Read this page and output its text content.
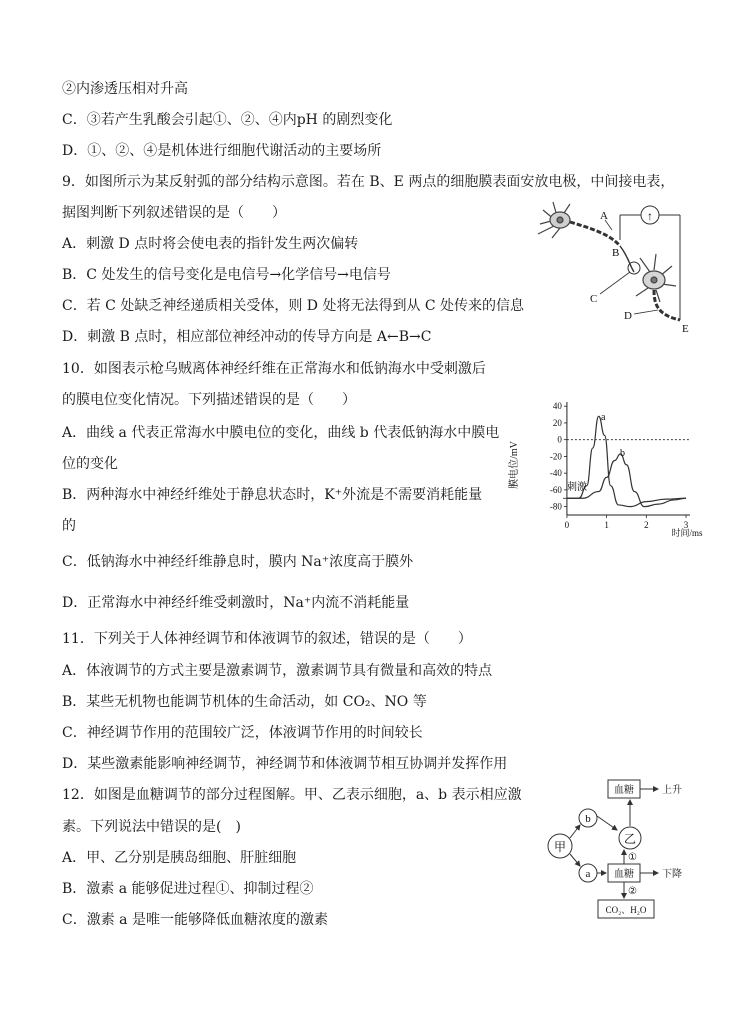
②内渗透压相对升高
C．③若产生乳酸会引起①、②、④内pH 的剧烈变化
D．①、②、④是机体进行细胞代谢活动的主要场所
9．如图所示为某反射弧的部分结构示意图。若在 B、E 两点的细胞膜表面安放电极，中间接电表，
据图判断下列叙述错误的是（　　）
A．刺激 D 点时将会使电表的指针发生两次偏转
B．C 处发生的信号变化是电信号→化学信号→电信号
C．若 C 处缺乏神经递质相关受体，则 D 处将无法得到从 C 处传来的信息
D．刺激 B 点时，相应部位神经冲动的传导方向是 A←B→C
10．如图表示枪乌贼离体神经纤维在正常海水和低钠海水中受刺激后
的膜电位变化情况。下列描述错误的是（　　）
A．曲线 a 代表正常海水中膜电位的变化，曲线 b 代表低钠海水中膜电
位的变化
B．两种海水中神经纤维处于静息状态时，K⁺外流是不需要消耗能量
的
C．低钠海水中神经纤维静息时，膜内 Na⁺浓度高于膜外
D．正常海水中神经纤维受刺激时，Na⁺内流不消耗能量
11．下列关于人体神经调节和体液调节的叙述，错误的是（　　）
A．体液调节的方式主要是激素调节，激素调节具有微量和高效的特点
B．某些无机物也能调节机体的生命活动，如 CO₂、NO 等
C．神经调节作用的范围较广泛，体液调节作用的时间较长
D．某些激素能影响神经调节，神经调节和体液调节相互协调并发挥作用
12．如图是血糖调节的部分过程图解。甲、乙表示细胞，a、b 表示相应激
素。下列说法中错误的是(　)
A．甲、乙分别是胰岛细胞、肝脏细胞
B．激素 a 能够促进过程①、抑制过程②
C．激素 a 是唯一能够降低血糖浓度的激素
↑
A
B
C
D
E
膜电位/mV
时间/ms
40
20
0
-20
-40
-60
-80
0	1	2	3
刺激
a
b
甲
b
a
乙
血糖	上升
血糖	下降
①
②
CO₂、H₂O
